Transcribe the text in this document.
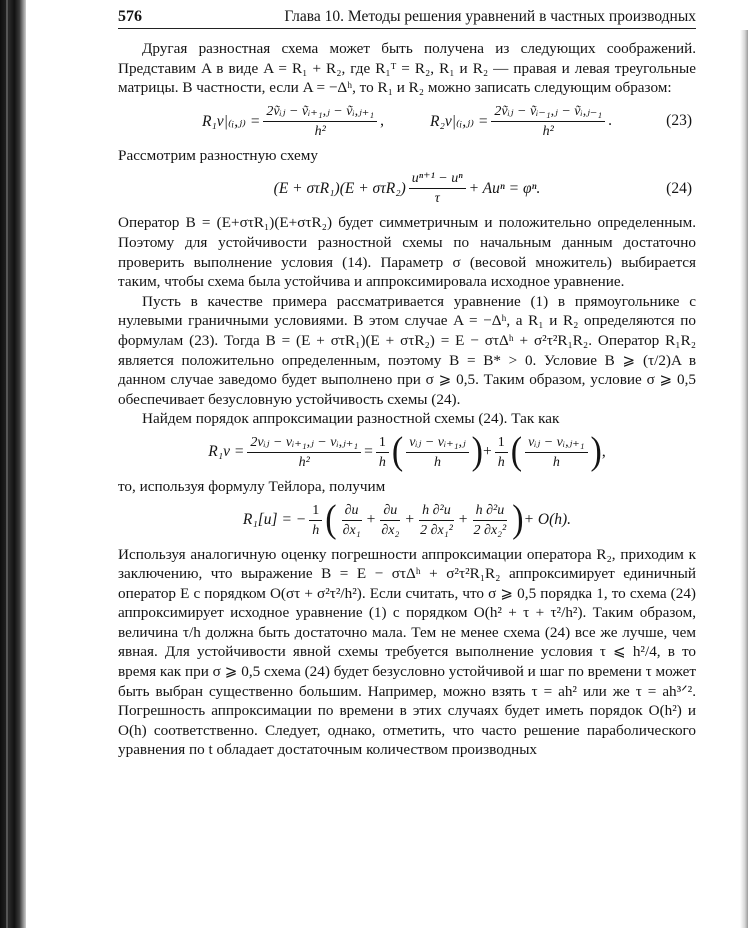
576	Глава 10. Методы решения уравнений в частных производных

Другая разностная схема может быть получена из следующих соображений. Представим A в виде A = R₁ + R₂, где R₁ᵀ = R₂, R₁ и R₂ — правая и левая треугольные матрицы. В частности, если A = −Δʰ, то R₁ и R₂ можно записать следующим образом:

R₁v|₍ᵢ,ⱼ₎ = $\frac{\text{2ṽᵢⱼ − ṽᵢ₊₁,ⱼ − ṽᵢ,ⱼ₊₁}}{\text{h²}}$ ,	R₂v|₍ᵢ,ⱼ₎ = $\frac{\text{2ṽᵢⱼ − ṽᵢ₋₁,ⱼ − ṽᵢ,ⱼ₋₁}}{\text{h²}}$ .	(23)

Рассмотрим разностную схему

$(E + \sigma\tau R_1)(E + \sigma\tau R_2) \frac{\text{uⁿ⁺¹ − uⁿ}}{\tau} + Au^n = \varphi^n$.	(24)

Оператор B = (E+στR₁)(E+στR₂) будет симметричным и положительно определенным. Поэтому для устойчивости разностной схемы по начальным данным достаточно проверить выполнение условия (14). Параметр σ (весовой множитель) выбирается таким, чтобы схема была устойчива и аппроксимировала исходное уравнение.

Пусть в качестве примера рассматривается уравнение (1) в прямоугольнике с нулевыми граничными условиями. В этом случае A = −Δʰ, а R₁ и R₂ определяются по формулам (23). Тогда B = (E + στR₁)(E + στR₂) = E − στΔʰ + σ²τ²R₁R₂. Оператор R₁R₂ является положительно определенным, поэтому B = B* > 0. Условие B ⩾ (τ/2)A в данном случае заведомо будет выполнено при σ ⩾ 0,5. Таким образом, условие σ ⩾ 0,5 обеспечивает безусловную устойчивость схемы (24).

Найдем порядок аппроксимации разностной схемы (24). Так как

$R_1v = \frac{\text{2vᵢⱼ − vᵢ₊₁,ⱼ − vᵢ,ⱼ₊₁}}{\text{h²}} = \frac{1}{h}$ ( $\frac{\text{vᵢⱼ − vᵢ₊₁,ⱼ}}{h}$ ) + $\frac{1}{h}$ ( $\frac{\text{vᵢⱼ − vᵢ,ⱼ₊₁}}{h}$ ) ,

то, используя формулу Тейлора, получим

R₁[u] = − $\frac{1}{h}$ ( $\frac{\partial u}{\text{∂x₁}} + \frac{\partial u}{\text{∂x₂}} + \frac{\text{h ∂²u}}{\text{2 ∂x₁²}} + \frac{\text{h ∂²u}}{\text{2 ∂x₂²}}$ ) + O(h).

Используя аналогичную оценку погрешности аппроксимации оператора R₂, приходим к заключению, что выражение B = E − στΔʰ + σ²τ²R₁R₂ аппроксимирует единичный оператор E с порядком O(στ + σ²τ²/h²). Если считать, что σ ⩾ 0,5 порядка 1, то схема (24) аппроксимирует исходное уравнение (1) с порядком O(h² + τ + τ²/h²). Таким образом, величина τ/h должна быть достаточно мала. Тем не менее схема (24) все же лучше, чем явная. Для устойчивости явной схемы требуется выполнение условия τ ⩽ h²/4, в то время как при σ ⩾ 0,5 схема (24) будет безусловно устойчивой и шаг по времени τ может быть выбран существенно большим. Например, можно взять τ = ah² или же τ = ah³ᐟ². Погрешность аппроксимации по времени в этих случаях будет иметь порядок O(h²) и O(h) соответственно. Следует, однако, отметить, что часто решение параболического уравнения по t обладает достаточным количеством производных
